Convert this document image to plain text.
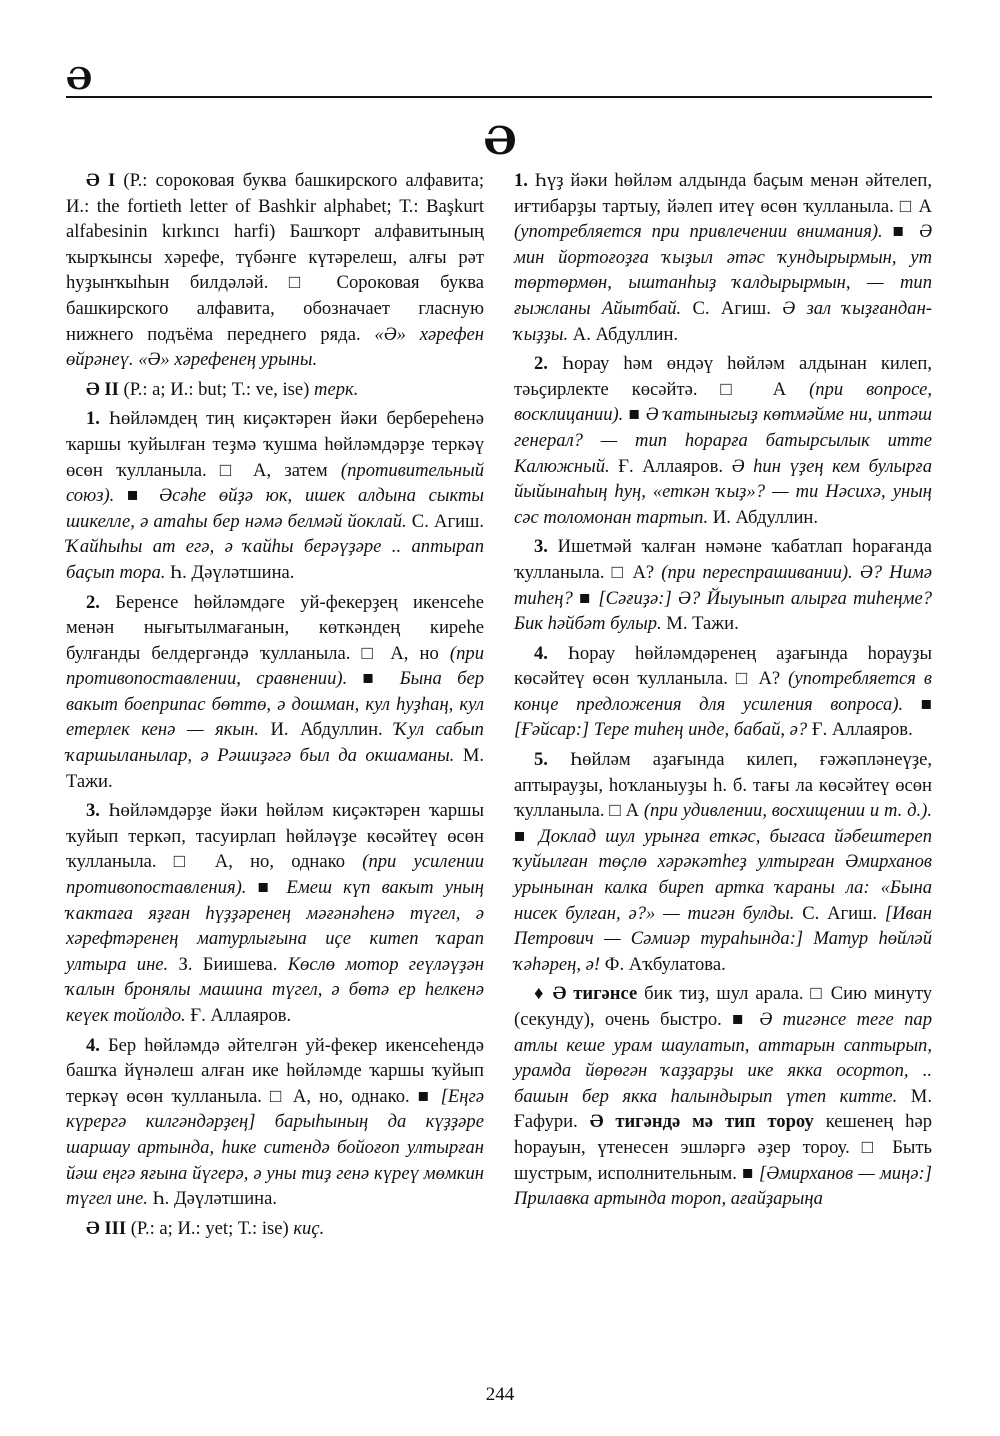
Ә
Ә

Ә I (Р.: сороковая буква башкирского алфавита; И.: the fortieth letter of Bashkir alphabet; Т.: Başkurt alfabesinin kırkıncı harfi) Башҡорт алфавитының ҡырҡынсы хәрефе, түбәнге күтәрелеш, алғы рәт һуҙынҡыһын билдәләй. □ Сороковая буква башкирского алфавита, обозначает гласную нижнего подъёма переднего ряда. «Ә» хәрефен өйрәнеү. «Ә» хәрефенең урыны.

Ә II (Р.: а; И.: but; Т.: ve, ise) терк.

1. Һөйләмдең тиң киҫәктәрен йәки бербереһенә ҡаршы ҡуйылған теҙмә ҡушма һөйләмдәрҙе теркәү өсөн ҡулланыла. □ А, затем (противительный союз). ■ Әсәһе өйҙә юк, ишек алдына сыкты шикелле, ә атаһы бер нәмә белмәй йоклай. С. Агиш. Ҡайһыһы ат егә, ә ҡайһы берәүҙәре .. аптырап баҫып тора. Һ. Дәүләтшина.

2. Беренсе һөйләмдәге уй-фекерҙең икенсеһе менән нығытылмағанын, көткәндең киреһе булғанды белдергәндә ҡулланыла. □ А, но (при противопоставлении, сравнении). ■ Бына бер вакыт боеприпас бөттө, ә дошман, кул һуҙһаң, кул етерлек кенә — якын. И. Абдуллин. Ҡул сабып ҡаршыланылар, ә Рәшиҙәгә был да окшаманы. М. Тажи.

3. Һөйләмдәрҙе йәки һөйләм киҫәктәрен ҡаршы ҡуйып теркәп, тасуирлап һөйләүҙе көсәйтеү өсөн ҡулланыла. □ А, но, однако (при усилении противопоставления). ■ Емеш күп вакыт уның ҡактаға яҙған һүҙҙәренең мәғәнәһенә түгел, ә хәрефтәренең матурлығына иҫе китеп ҡарап ултыра ине. З. Биишева. Көслө мотор геүләүҙән ҡалын бронялы машина түгел, ә бөтә ер һелкенә кеүек тойолдо. Ғ. Аллаяров.

4. Бер һөйләмдә әйтелгән уй-фекер икенсеһендә башҡа йүнәлеш алған ике һөйләмде ҡаршы ҡуйып теркәү өсөн ҡулланыла. □ А, но, однако. ■ [Еңгә күрергә килгәндәрҙең] барыһының да күҙҙәре шаршау артында, һике ситендә бойоғоп ултырған йәш еңгә яғына йүгерә, ә уны тиҙ генә күреү мөмкин түгел ине. Һ. Дәүләтшина.

Ә III (Р.: а; И.: yet; Т.: ise) киҫ.

1. Һүҙ йәки һөйләм алдында баҫым менән әйтелеп, иғтибарҙы тартыу, йәлеп итеү өсөн ҡулланыла. □ А (употребляется при привлечении внимания). ■ Ә мин йортоғоҙға ҡыҙыл әтәс ҡундырырмын, ут төртөрмөн, ыштанһыҙ ҡалдырырмын, — тип ғыжланы Айытбай. С. Агиш. Ә зал ҡыҙғандан-ҡыҙҙы. А. Абдуллин.

2. Һорау һәм өндәү һөйләм алдынан килеп, тәьҫирлекте көсәйтә. □ А (при вопросе, восклицании). ■ Ә ҡатыныгыҙ көтмәйме ни, иптәш генерал? — тип һорарға батырсылык итте Калюжный. Ғ. Аллаяров. Ә һин үҙең кем булырға йыйынаһың һуң, «еткән ҡыҙ»? — ти Нәсихә, уның сәс толомонан тартып. И. Абдуллин.

3. Ишетмәй ҡалған нәмәне ҡабатлап һорағанда ҡулланыла. □ А? (при переспрашивании). Ә? Нимә тиһең? ■ [Сәғиҙә:] Ә? Йыуынып алырға тиһеңме? Бик һәйбәт булыр. М. Тажи.

4. Һорау һөйләмдәренең аҙағында һорауҙы көсәйтеү өсөн ҡулланыла. □ А? (употребляется в конце предложения для усиления вопроса). ■ [Ғәйсар:] Тере тиһең инде, бабай, ә? Ғ. Аллаяров.

5. Һөйләм аҙағында килеп, ғәжәпләнеүҙе, аптырауҙы, һоҡланыуҙы һ. б. тағы ла көсәйтеү өсөн ҡулланыла. □ А (при удивлении, восхищении и т. д.). ■ Доклад шул урынға еткәс, быгаса йәбештереп ҡуйылған төҫлө хәрәкәтһеҙ ултырған Әмирханов урынынан калка биреп артка ҡараны ла: «Бына нисек булған, ә?» — тигән булды. С. Агиш. [Иван Петрович — Сәмиәр тураһында:] Матур һөйләй ҡәһәрең, ә! Ф. Аҡбулатова.

♦ Ә тигәнсе бик тиҙ, шул арала. □ Сию минуту (секунду), очень быстро. ■ Ә тигәнсе теге пар атлы кеше урам шаулатып, аттарын саптырып, урамда йөрөгән ҡаҙҙарҙы ике якка осортоп, .. башын бер якка һалындырып үтеп китте. М. Ғафури. Ә тигәндә мә тип тороу кешенең һәр һорауын, үтенесен эшләргә әҙер тороу. □ Быть шустрым, исполнительным. ■ [Әмирханов — миңә:] Прилавка артында тороп, ағайҙарыңа

244
